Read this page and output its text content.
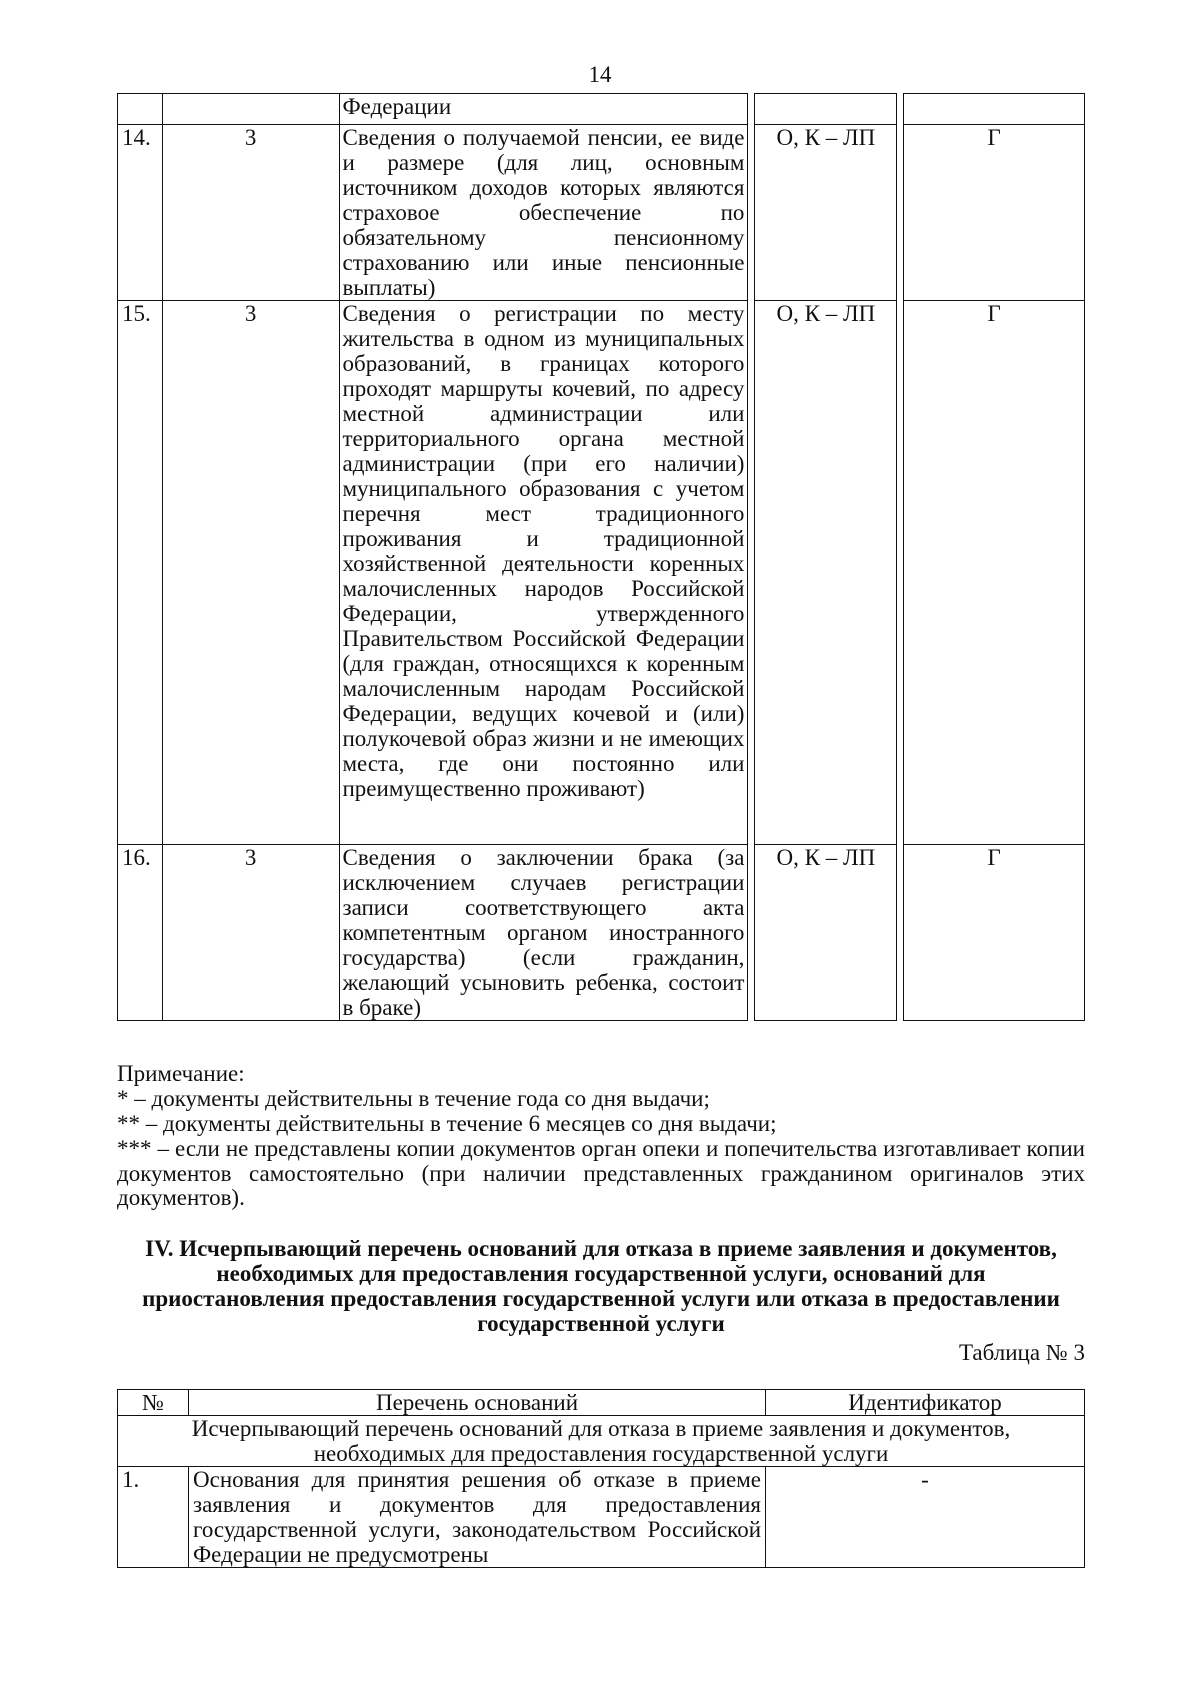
14
		Федерации				
14.	3	Сведения о получаемой пенсии, ее виде и размере (для лиц, основным источником доходов которых являются страховое обеспечение по обязательному пенсионному страхованию или иные пенсионные выплаты)		О, К – ЛП		Г
15.	3	Сведения о регистрации по месту жительства в одном из муниципальных образований, в границах которого проходят маршруты кочевий, по адресу местной администрации или территориального органа местной администрации (при его наличии) муниципального образования с учетом перечня мест традиционного проживания и традиционной хозяйственной деятельности коренных малочисленных народов Российской Федерации, утвержденного Правительством Российской Федерации (для граждан, относящихся к коренным малочисленным народам Российской Федерации, ведущих кочевой и (или) полукочевой образ жизни и не имеющих места, где они постоянно или преимущественно проживают)		О, К – ЛП		Г
16.	3	Сведения о заключении брака (за исключением случаев регистрации записи соответствующего акта компетентным органом иностранного государства) (если гражданин, желающий усыновить ребенка, состоит в браке)		О, К – ЛП		Г
Примечание:
* – документы действительны в течение года со дня выдачи;
** – документы действительны в течение 6 месяцев со дня выдачи;
*** – если не представлены копии документов орган опеки и попечительства изготавливает копии документов самостоятельно (при наличии представленных гражданином оригиналов этих документов).
IV. Исчерпывающий перечень оснований для отказа в приеме заявления и документов,
необходимых для предоставления государственной услуги, оснований для
приостановления предоставления государственной услуги или отказа в предоставлении
государственной услуги
Таблица № 3
№	Перечень оснований	Идентификатор

Исчерпывающий перечень оснований для отказа в приеме заявления и документов,
необходимых для предоставления государственной услуги		

1.	Основания для принятия решения об отказе в приеме заявления и документов для предоставления государственной услуги, законодательством Российской Федерации не предусмотрены	-
